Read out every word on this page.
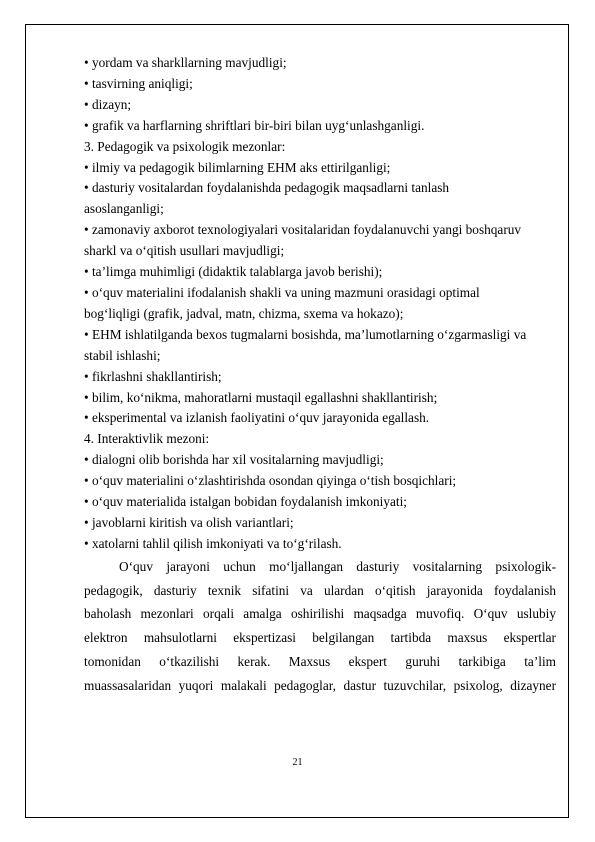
• yordam va sharkllarning mavjudligi;

• tasvirning aniqligi;

• dizayn;

• grafik va harflarning shriftlari bir-biri bilan uyg‘unlashganligi.

3. Pedagogik va psixologik mezonlar:

• ilmiy va pedagogik bilimlarning EHM aks ettirilganligi;

• dasturiy vositalardan foydalanishda pedagogik maqsadlarni tanlash

asoslanganligi;

• zamonaviy axborot texnologiyalari vositalaridan foydalanuvchi yangi boshqaruv

sharkl va o‘qitish usullari mavjudligi;

• ta’limga muhimligi (didaktik talablarga javob berishi);

• o‘quv materialini ifodalanish shakli va uning mazmuni orasidagi optimal

bog‘liqligi (grafik, jadval, matn, chizma, sxema va hokazo);

• EHM ishlatilganda bexos tugmalarni bosishda, ma’lumotlarning o‘zgarmasligi va

stabil ishlashi;

• fikrlashni shakllantirish;

• bilim, ko‘nikma, mahoratlarni mustaqil egallashni shakllantirish;

• eksperimental va izlanish faoliyatini o‘quv jarayonida egallash.

4. Interaktivlik mezoni:

• dialogni olib borishda har xil vositalarning mavjudligi;

• o‘quv materialini o‘zlashtirishda osondan qiyinga o‘tish bosqichlari;

• o‘quv materialida istalgan bobidan foydalanish imkoniyati;

• javoblarni kiritish va olish variantlari;

• xatolarni tahlil qilish imkoniyati va to‘g‘rilash.

O‘quv jarayoni uchun mo‘ljallangan dasturiy vositalarning psixologik-

pedagogik, dasturiy texnik sifatini va ulardan o‘qitish jarayonida foydalanish

baholash mezonlari orqali amalga oshirilishi maqsadga muvofiq. O‘quv uslubiy

elektron mahsulotlarni ekspertizasi belgilangan tartibda maxsus ekspertlar

tomonidan o‘tkazilishi kerak. Maxsus ekspert guruhi tarkibiga ta’lim

muassasalaridan yuqori malakali pedagoglar, dastur tuzuvchilar, psixolog, dizayner

21
